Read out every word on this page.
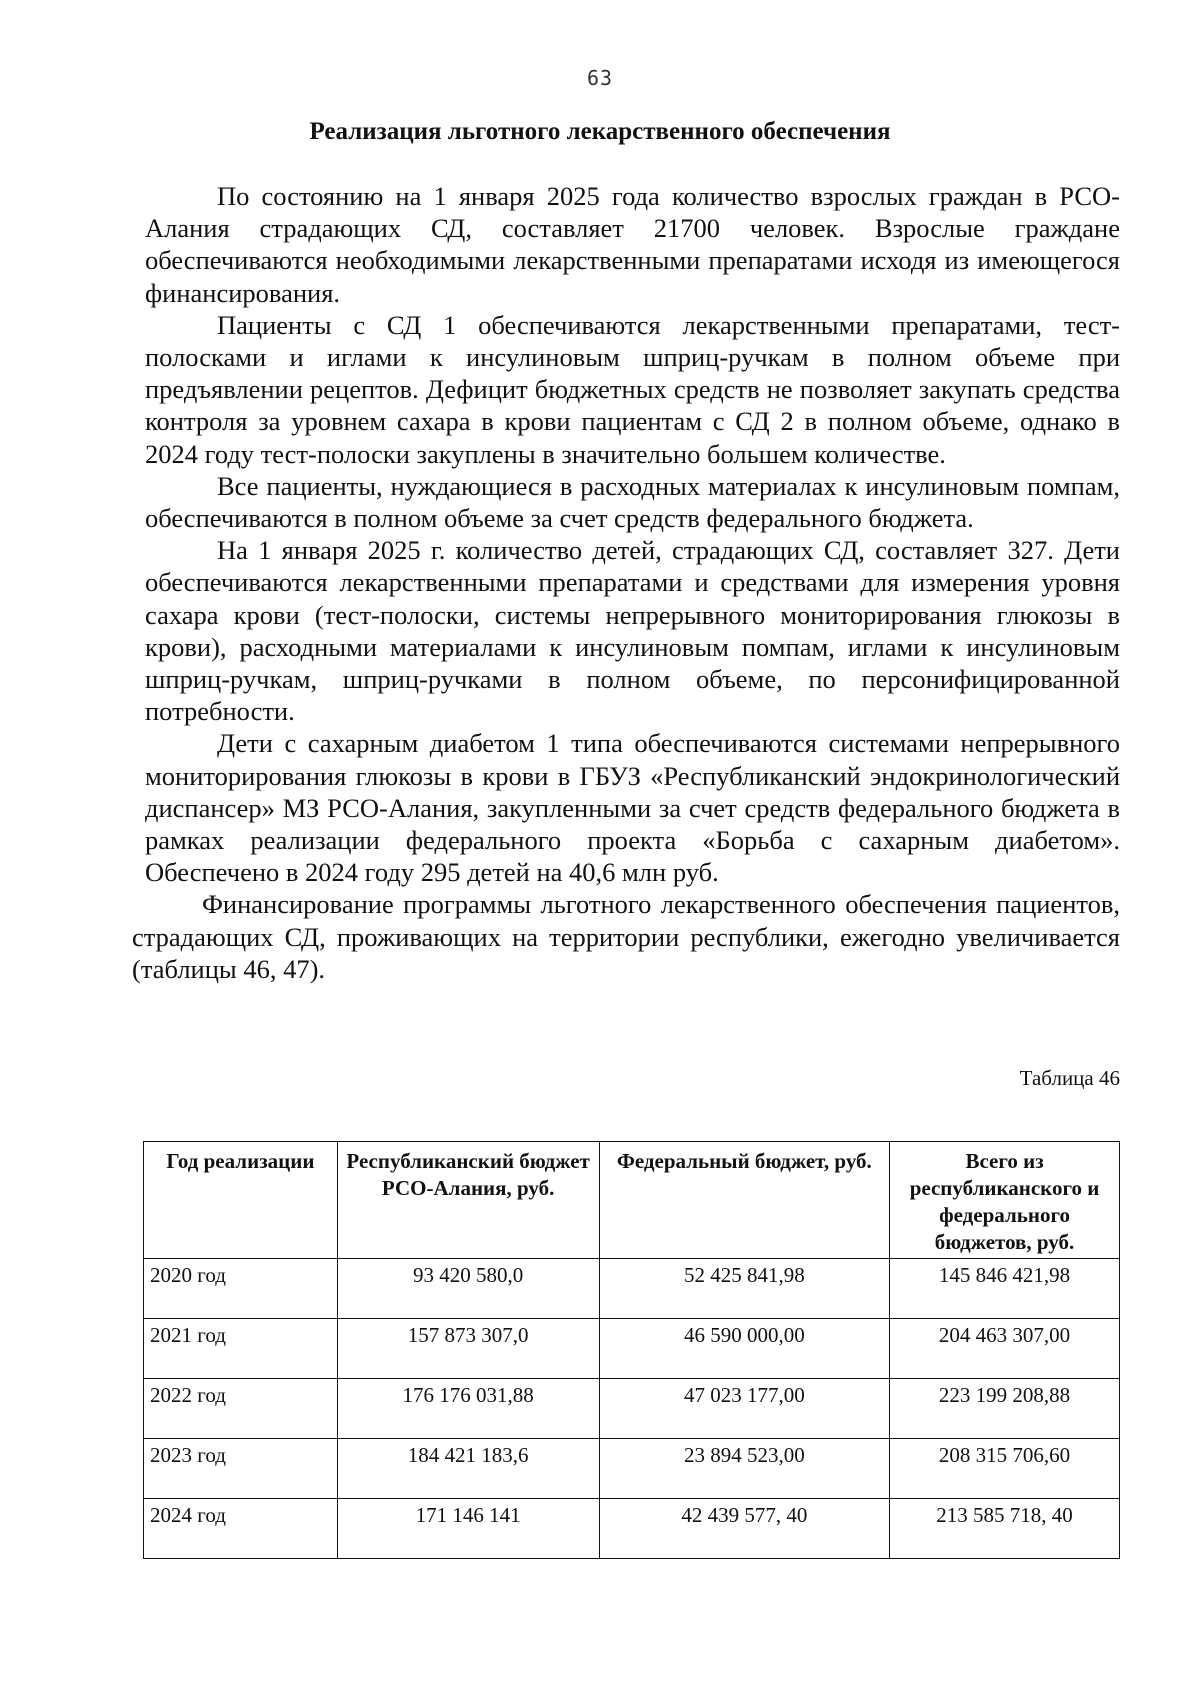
63
Реализация льготного лекарственного обеспечения

По состоянию на 1 января 2025 года количество взрослых граждан в РСО-Алания страдающих СД, составляет 21700 человек. Взрослые граждане обеспечиваются необходимыми лекарственными препаратами исходя из имеющегося финансирования.

Пациенты с СД 1 обеспечиваются лекарственными препаратами, тест-полосками и иглами к инсулиновым шприц-ручкам в полном объеме при предъявлении рецептов. Дефицит бюджетных средств не позволяет закупать средства контроля за уровнем сахара в крови пациентам с СД 2 в полном объеме, однако в 2024 году тест-полоски закуплены в значительно большем количестве.

Все пациенты, нуждающиеся в расходных материалах к инсулиновым помпам, обеспечиваются в полном объеме за счет средств федерального бюджета.

На 1 января 2025 г. количество детей, страдающих СД, составляет 327. Дети обеспечиваются лекарственными препаратами и средствами для измерения уровня сахара крови (тест-полоски, системы непрерывного мониторирования глюкозы в крови), расходными материалами к инсулиновым помпам, иглами к инсулиновым шприц-ручкам, шприц-ручками в полном объеме, по персонифицированной потребности.

Дети с сахарным диабетом 1 типа обеспечиваются системами непрерывного мониторирования глюкозы в крови в ГБУЗ «Республиканский эндокринологический диспансер» МЗ РСО-Алания, закупленными за счет средств федерального бюджета в рамках реализации федерального проекта «Борьба с сахарным диабетом». Обеспечено в 2024 году 295 детей на 40,6 млн руб.

Финансирование программы льготного лекарственного обеспечения пациентов, страдающих СД, проживающих на территории республики, ежегодно увеличивается (таблицы 46, 47).

Таблица 46
Год реализации	Республиканский бюджет РСО-Алания, руб.	Федеральный бюджет, руб.	Всего из республиканского и федерального бюджетов, руб.
2020 год	93 420 580,0	52 425 841,98	145 846 421,98
2021 год	157 873 307,0	46 590 000,00	204 463 307,00
2022 год	176 176 031,88	47 023 177,00	223 199 208,88
2023 год	184 421 183,6	23 894 523,00	208 315 706,60
2024 год	171 146 141	42 439 577, 40	213 585 718, 40
